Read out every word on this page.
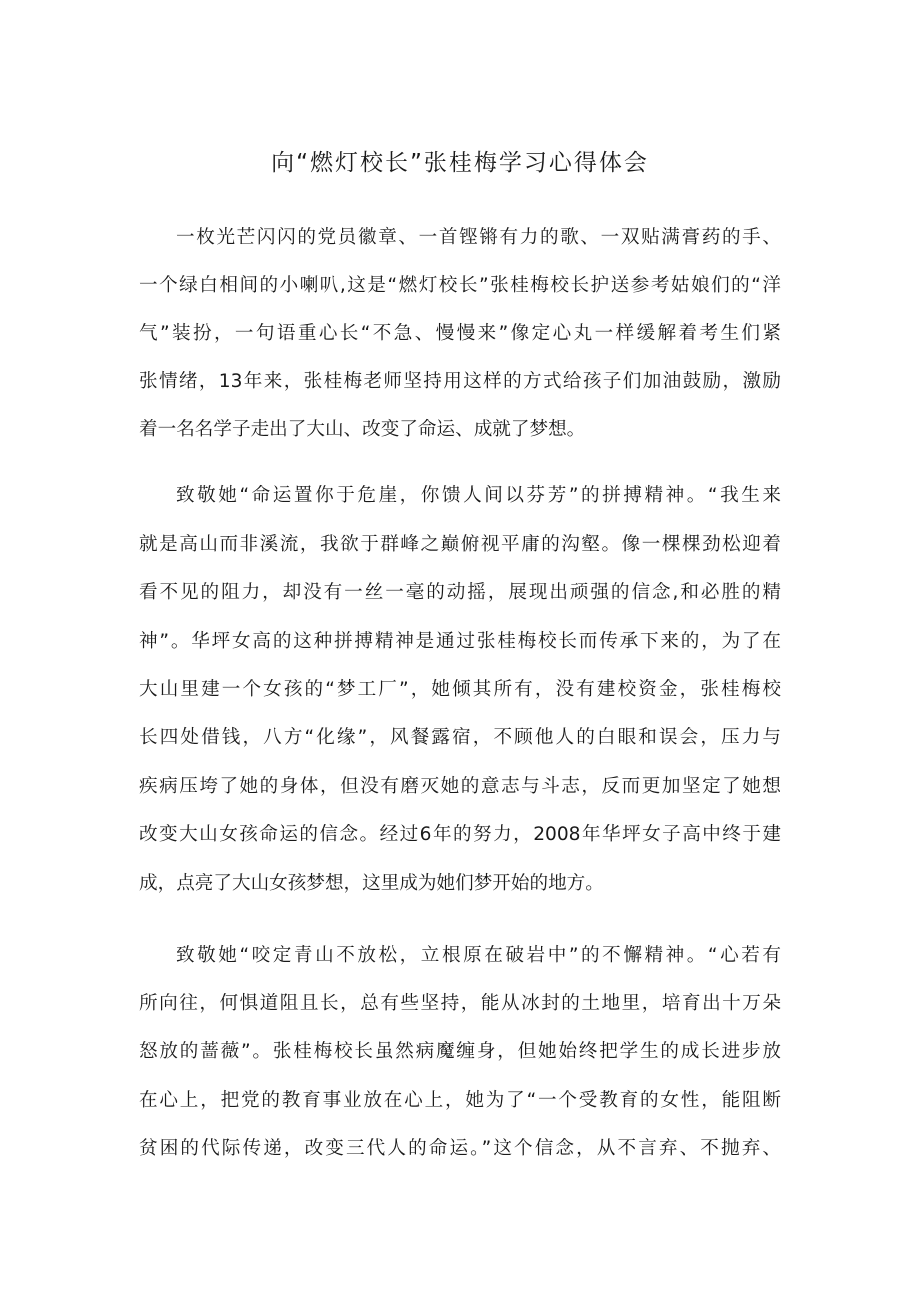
向“燃灯校长”张桂梅学习心得体会
一枚光芒闪闪的党员徽章、一首铿锵有力的歌、一双贴满膏药的手、
一个绿白相间的小喇叭,这是“燃灯校长”张桂梅校长护送参考姑娘们的“洋
气”装扮，一句语重心长“不急、慢慢来”像定心丸一样缓解着考生们紧
张情绪，13年来，张桂梅老师坚持用这样的方式给孩子们加油鼓励，激励
着一名名学子走出了大山、改变了命运、成就了梦想。
致敬她“命运置你于危崖，你馈人间以芬芳”的拼搏精神。“我生来
就是高山而非溪流，我欲于群峰之巅俯视平庸的沟壑。像一棵棵劲松迎着
看不见的阻力，却没有一丝一毫的动摇，展现出顽强的信念,和必胜的精
神”。华坪女高的这种拼搏精神是通过张桂梅校长而传承下来的，为了在
大山里建一个女孩的“梦工厂”，她倾其所有，没有建校资金，张桂梅校
长四处借钱，八方“化缘”，风餐露宿，不顾他人的白眼和误会，压力与
疾病压垮了她的身体，但没有磨灭她的意志与斗志，反而更加坚定了她想
改变大山女孩命运的信念。经过6年的努力，2008年华坪女子高中终于建
成，点亮了大山女孩梦想，这里成为她们梦开始的地方。
致敬她“咬定青山不放松，立根原在破岩中”的不懈精神。“心若有
所向往，何惧道阻且长，总有些坚持，能从冰封的土地里，培育出十万朵
怒放的蔷薇”。张桂梅校长虽然病魔缠身，但她始终把学生的成长进步放
在心上，把党的教育事业放在心上，她为了“一个受教育的女性，能阻断
贫困的代际传递，改变三代人的命运。”这个信念，从不言弃、不抛弃、
